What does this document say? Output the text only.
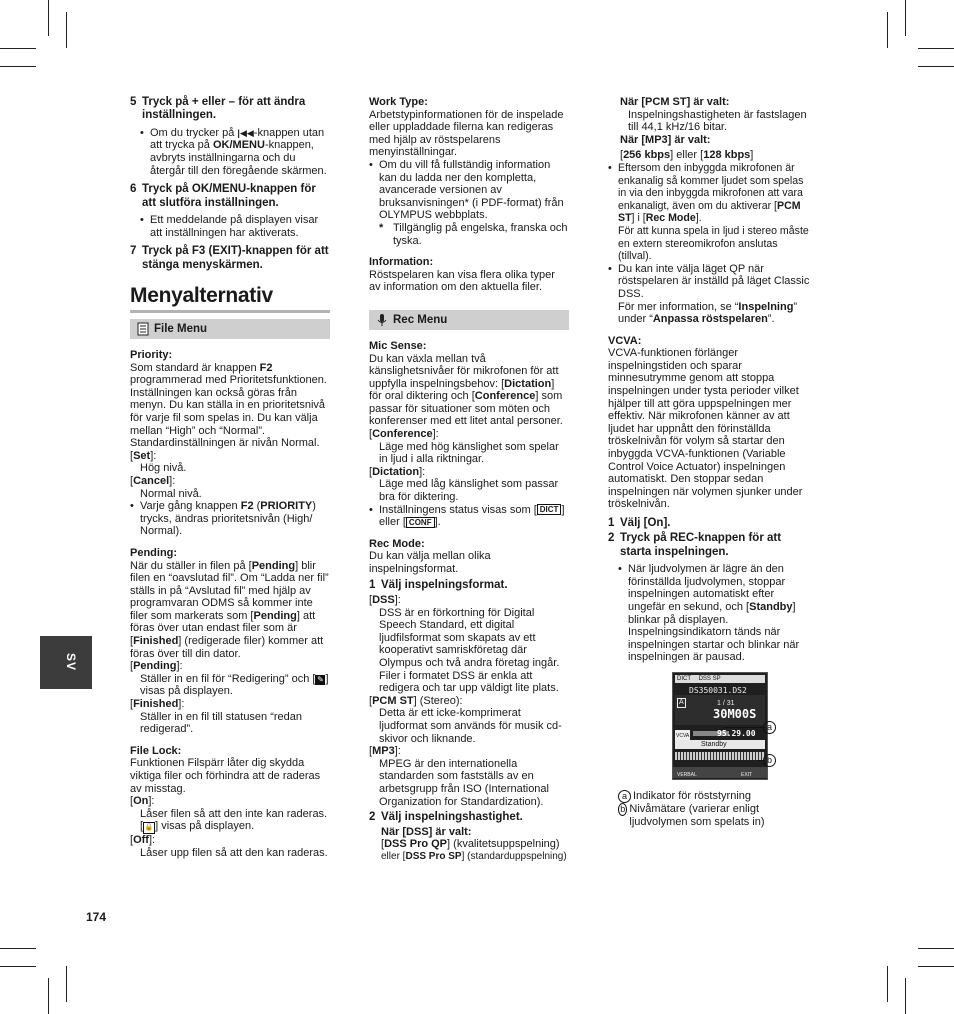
SV
174
5 Tryck på + eller – för att ändra inställningen.
• Om du trycker på |◀◀-knappen utan att trycka på OK/MENU-knappen, avbryts inställningarna och du återgår till den föregående skärmen.
6 Tryck på OK/MENU-knappen för att slutföra inställningen.
• Ett meddelande på displayen visar att inställningen har aktiverats.
7 Tryck på F3 (EXIT)-knappen för att stänga menyskärmen.
Menyalternativ
File Menu
Priority:
Som standard är knappen F2 programmerad med Prioritetsfunktionen. Inställningen kan också göras från menyn. Du kan ställa in en prioritetsnivå för varje fil som spelas in. Du kan välja mellan “High” och “Normal”. Standardinställningen är nivån Normal.
[Set]:
Hög nivå.
[Cancel]:
Normal nivå.
• Varje gång knappen F2 (PRIORITY) trycks, ändras prioritetsnivån (High/ Normal).
Pending:
När du ställer in filen på [Pending] blir filen en “oavslutad fil”. Om “Ladda ner fil” ställs in på “Avslutad fil” med hjälp av programvaran ODMS så kommer inte filer som markerats som [Pending] att föras över utan endast filer som är [Finished] (redigerade filer) kommer att föras över till din dator.
[Pending]:
Ställer in en fil för “Redigering” och [ ✎ ] visas på displayen.
[Finished]:
Ställer in en fil till statusen “redan redigerad”.
File Lock:
Funktionen Filspärr låter dig skydda viktiga filer och förhindra att de raderas av misstag.
[On]:
Låser filen så att den inte kan raderas.
[ 🔒 ] visas på displayen.
[Off]:
Låser upp filen så att den kan raderas.
Work Type:
Arbetstypinformationen för de inspelade eller uppladdade filerna kan redigeras med hjälp av röstspelarens menyinställningar.
• Om du vill få fullständig information kan du ladda ner den kompletta, avancerade versionen av bruksanvisningen* (i PDF-format) från OLYMPUS webbplats.
* Tillgänglig på engelska, franska och tyska.
Information:
Röstspelaren kan visa flera olika typer av information om den aktuella filer.
Rec Menu
Mic Sense:
Du kan växla mellan två känslighetsnivåer för mikrofonen för att uppfylla inspelningsbehov: [Dictation] för oral diktering och [Conference] som passar för situationer som möten och konferenser med ett litet antal personer.
[Conference]:
Läge med hög känslighet som spelar in ljud i alla riktningar.
[Dictation]:
Läge med låg känslighet som passar bra för diktering.
• Inställningens status visas som [ DICT ] eller [ CONF ].
Rec Mode:
Du kan välja mellan olika inspelningsformat.
1 Välj inspelningsformat.
[DSS]:
DSS är en förkortning för Digital Speech Standard, ett digital ljudfilsformat som skapats av ett kooperativt samriskföretag där Olympus och två andra företag ingår. Filer i formatet DSS är enkla att redigera och tar upp väldigt lite plats.
[PCM ST] (Stereo):
Detta är ett icke-komprimerat ljudformat som används för musik cd-skivor och liknande.
[MP3]:
MPEG är den internationella standarden som fastställs av en arbetsgrupp från ISO (International Organization for Standardization).
2 Välj inspelningshastighet.
När [DSS] är valt:
[DSS Pro QP] (kvalitetsuppspelning)
eller [DSS Pro SP] (standarduppspelning)
När [PCM ST] är valt:
Inspelningshastigheten är fastslagen till 44,1 kHz/16 bitar.
När [MP3] är valt:
[256 kbps] eller [128 kbps]
• Eftersom den inbyggda mikrofonen är enkanalig så kommer ljudet som spelas in via den inbyggda mikrofonen att vara enkanaligt, även om du aktiverar [PCM ST] i [Rec Mode].
För att kunna spela in ljud i stereo måste en extern stereomikrofon anslutas (tillval).
• Du kan inte välja läget QP när röstspelaren är inställd på läget Classic DSS.
För mer information, se “Inspelning” under “Anpassa röstspelaren”.
VCVA:
VCVA-funktionen förlänger inspelningstiden och sparar minnesutrymme genom att stoppa inspelningen under tysta perioder vilket hjälper till att göra uppspelningen mer effektiv. När mikrofonen känner av att ljudet har uppnått den förinställda tröskelnivån för volym så startar den inbyggda VCVA-funktionen (Variable Control Voice Actuator) inspelningen automatiskt. Den stoppar sedan inspelningen när volymen sjunker under tröskelnivån.
1 Välj [On].
2 Tryck på REC-knappen för att starta inspelningen.
• När ljudvolymen är lägre än den förinställda ljudvolymen, stoppar inspelningen automatiskt efter ungefär en sekund, och [Standby] blinkar på displayen. Inspelningsindikatorn tänds när inspelningen startar och blinkar när inspelningen är pausad.
DICT DSS SP
DS350031.DS2
A	1 / 31
30M00S
VCVA	95.29.00
Standby
VERBAL	EXIT
a
b
a Indikator för röststyrning
b Nivåmätare (varierar enligt ljudvolymen som spelats in)
